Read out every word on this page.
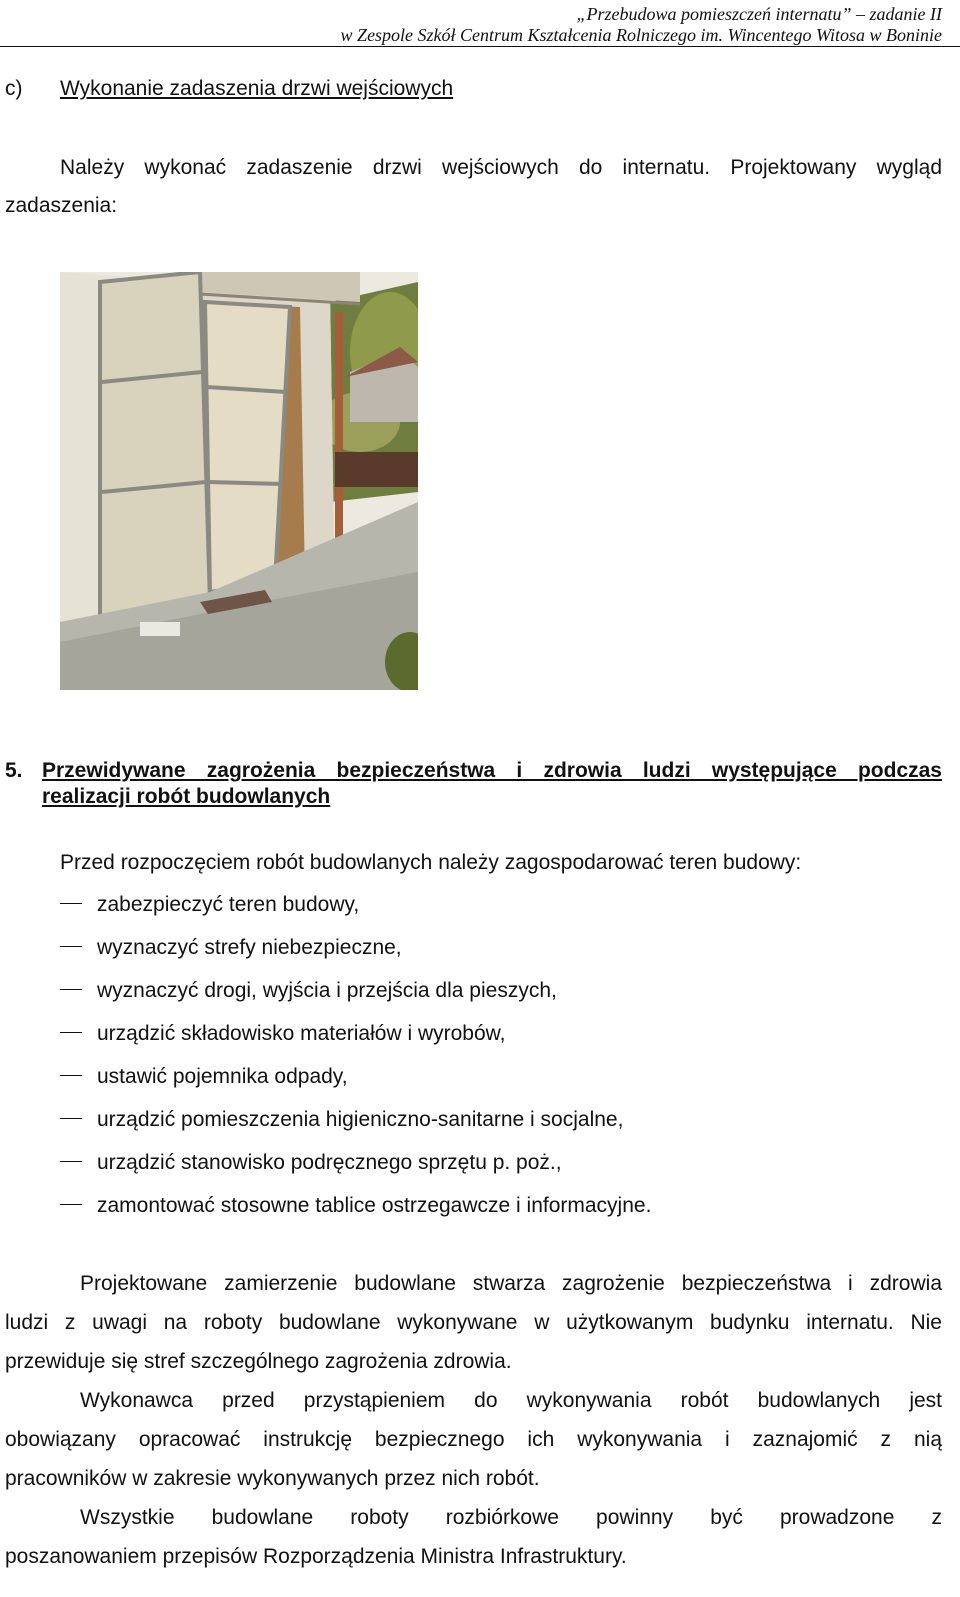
„Przebudowa pomieszczeń internatu” – zadanie II
w Zespole Szkół Centrum Kształcenia Rolniczego im. Wincentego Witosa w Boninie
c) Wykonanie zadaszenia drzwi wejściowych
Należy wykonać zadaszenie drzwi wejściowych do internatu. Projektowany wygląd
zadaszenia:
5. Przewidywane zagrożenia bezpieczeństwa i zdrowia ludzi występujące podczas
realizacji robót budowlanych
Przed rozpoczęciem robót budowlanych należy zagospodarować teren budowy:
zabezpieczyć teren budowy,
wyznaczyć strefy niebezpieczne,
wyznaczyć drogi, wyjścia i przejścia dla pieszych,
urządzić składowisko materiałów i wyrobów,
ustawić pojemnika odpady,
urządzić pomieszczenia higieniczno-sanitarne i socjalne,
urządzić stanowisko podręcznego sprzętu p. poż.,
zamontować stosowne tablice ostrzegawcze i informacyjne.
Projektowane zamierzenie budowlane stwarza zagrożenie bezpieczeństwa i zdrowia
ludzi z uwagi na roboty budowlane wykonywane w użytkowanym budynku internatu. Nie
przewiduje się stref szczególnego zagrożenia zdrowia.
Wykonawca przed przystąpieniem do wykonywania robót budowlanych jest
obowiązany opracować instrukcję bezpiecznego ich wykonywania i zaznajomić z nią
pracowników w zakresie wykonywanych przez nich robót.
Wszystkie budowlane roboty rozbiórkowe powinny być prowadzone z
poszanowaniem przepisów Rozporządzenia Ministra Infrastruktury.
